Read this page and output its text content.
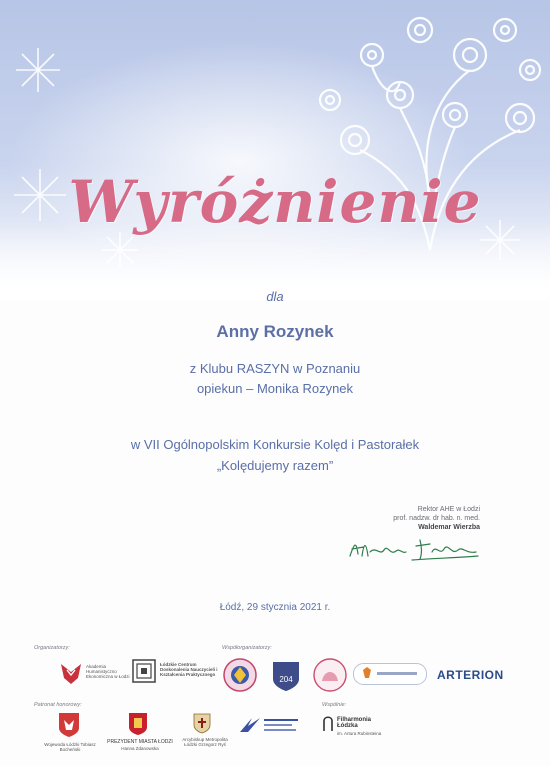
Wyróżnienie
dla
Anny Rozynek
z Klubu RASZYN w Poznaniu
opiekun – Monika Rozynek
w VII Ogólnopolskim Konkursie Kolęd i Pastorałek
„Kolędujemy razem”
Rektor AHE w Łodzi
prof. nadzw. dr hab. n. med.
Waldemar Wierzba
Łódź, 29 stycznia 2021 r.
Organizatorzy:	Współorganizatorzy:
Patronat honorowy:	Wspólnie:
Akademia Humanistyczno Ekonomiczna w Łodzi
Łódzkie Centrum Doskonalenia Nauczycieli i Kształcenia Praktycznego
204	ARTERION
Wojewoda Łódzki Tobiasz Bocheński
PREZYDENT MIASTA ŁODZI
Hanna Zdanowska
Arcybiskup Metropolita Łódzki Grzegorz Ryś
Filharmonia Łódzka
im. Artura Rubinsteina
